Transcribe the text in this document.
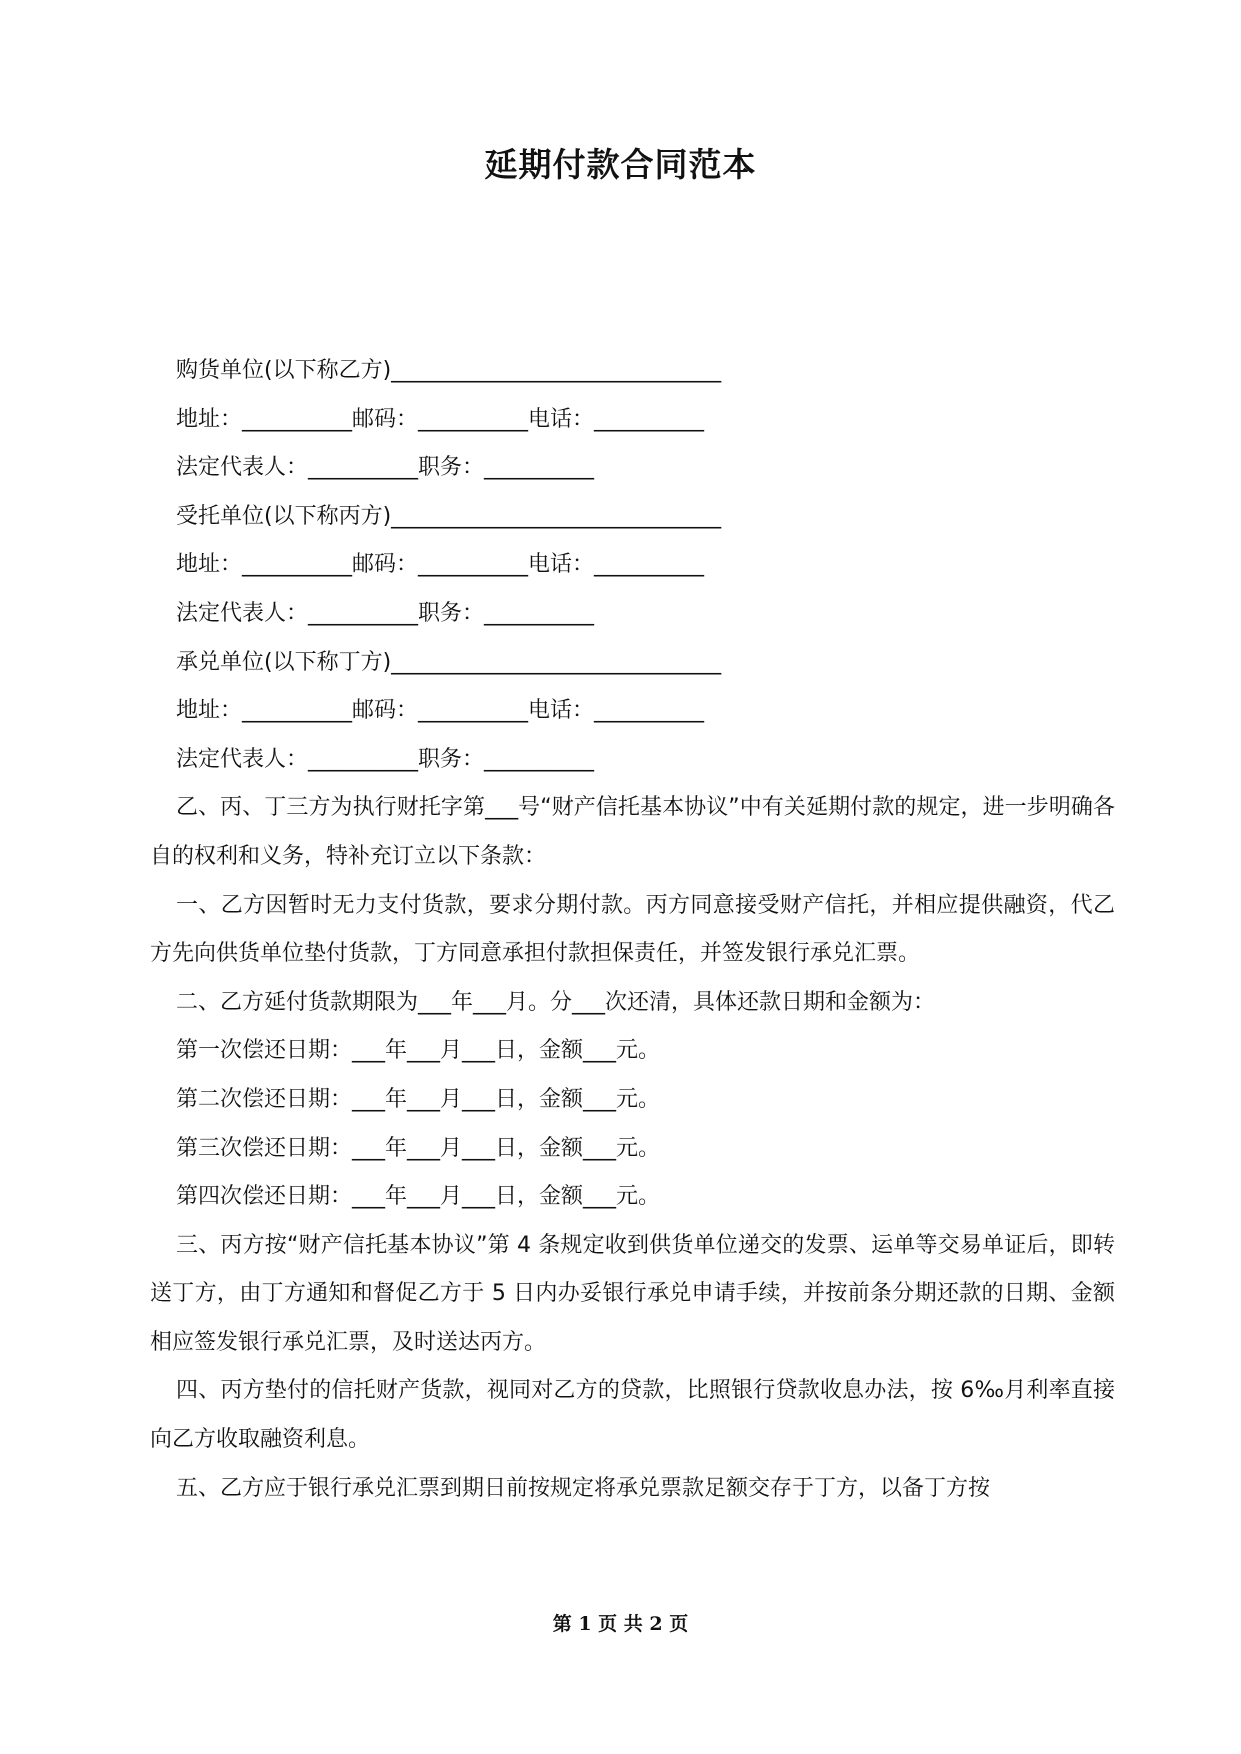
延期付款合同范本
购货单位(以下称乙方)______________________________
地址：__________邮码：__________电话：__________
法定代表人：__________职务：__________
受托单位(以下称丙方)______________________________
地址：__________邮码：__________电话：__________
法定代表人：__________职务：__________
承兑单位(以下称丁方)______________________________
地址：__________邮码：__________电话：__________
法定代表人：__________职务：__________
乙、丙、丁三方为执行财托字第___号“财产信托基本协议”中有关延期付款的规定，进一步明确各自的权利和义务，特补充订立以下条款：
一、乙方因暂时无力支付货款，要求分期付款。丙方同意接受财产信托，并相应提供融资，代乙方先向供货单位垫付货款，丁方同意承担付款担保责任，并签发银行承兑汇票。
二、乙方延付货款期限为___年___月。分___次还清，具体还款日期和金额为：
第一次偿还日期：___年___月___日，金额___元。
第二次偿还日期：___年___月___日，金额___元。
第三次偿还日期：___年___月___日，金额___元。
第四次偿还日期：___年___月___日，金额___元。
三、丙方按“财产信托基本协议”第 4 条规定收到供货单位递交的发票、运单等交易单证后，即转送丁方，由丁方通知和督促乙方于 5 日内办妥银行承兑申请手续，并按前条分期还款的日期、金额相应签发银行承兑汇票，及时送达丙方。
四、丙方垫付的信托财产货款，视同对乙方的贷款，比照银行贷款收息办法，按 6‰月利率直接向乙方收取融资利息。
五、乙方应于银行承兑汇票到期日前按规定将承兑票款足额交存于丁方，以备丁方按
第 1 页 共 2 页
